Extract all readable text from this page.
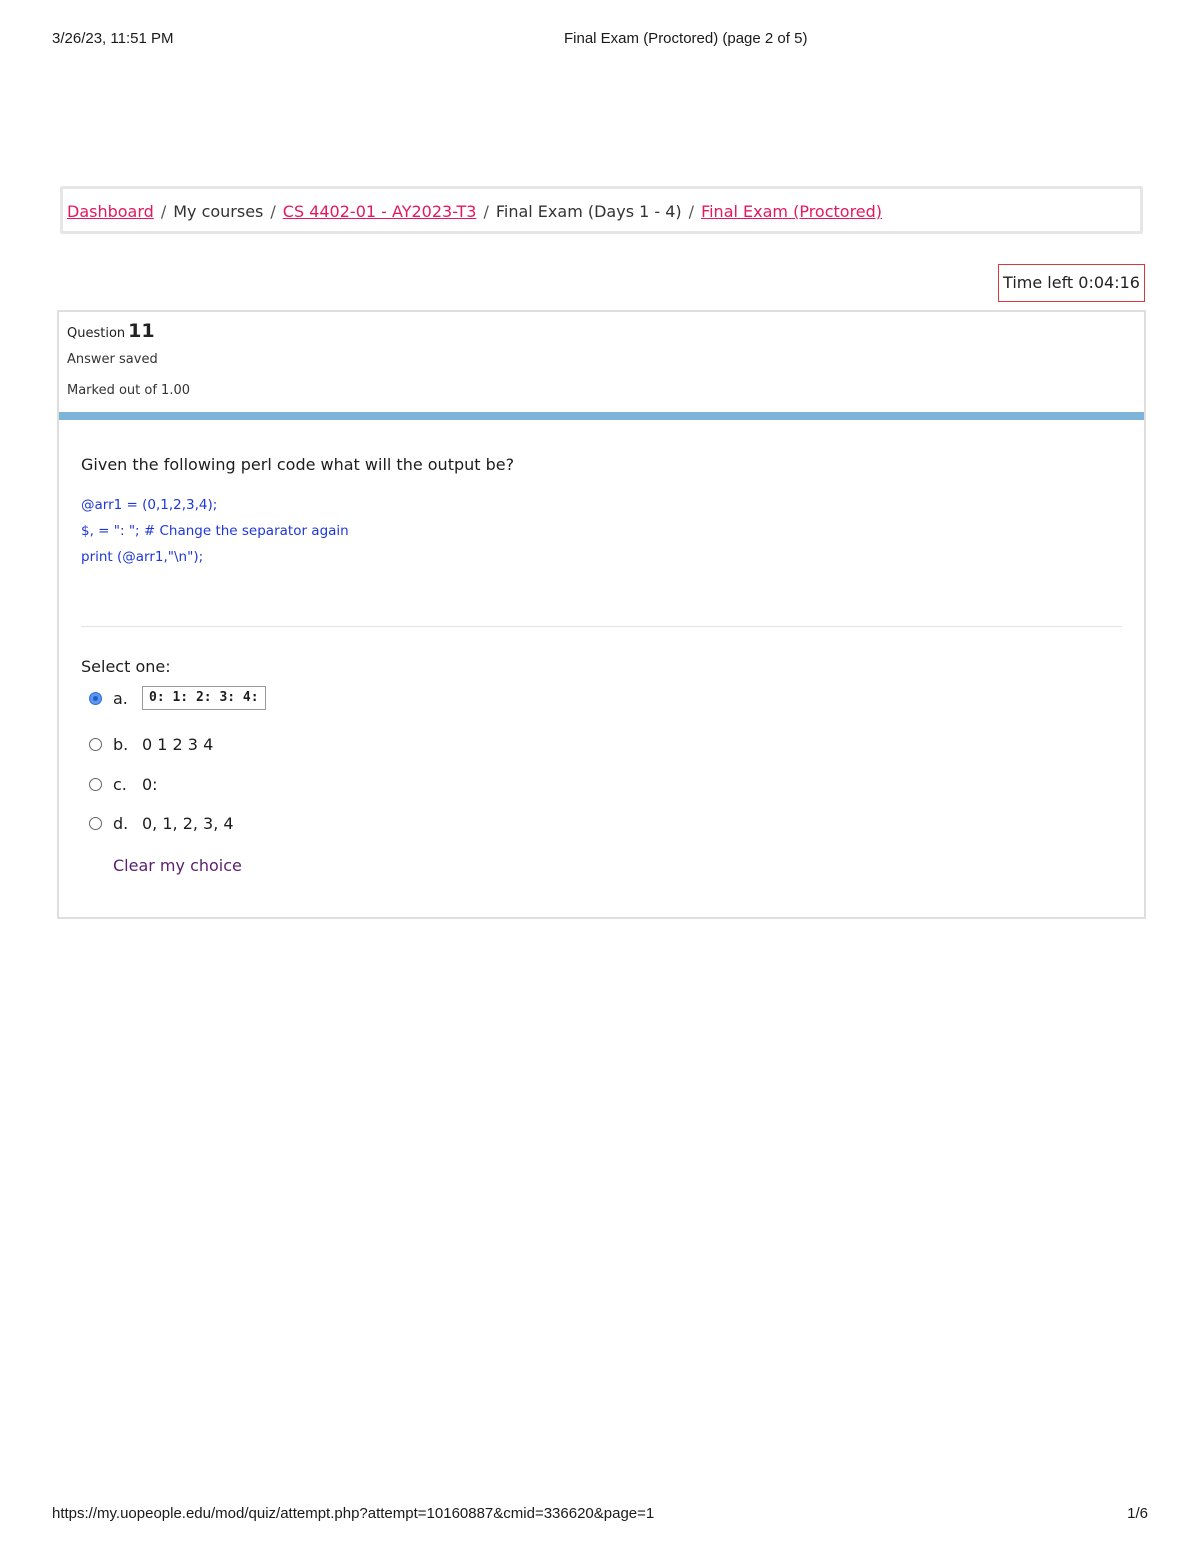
3/26/23, 11:51 PM	Final Exam (Proctored) (page 2 of 5)
Dashboard / My courses / CS 4402-01 - AY2023-T3 / Final Exam (Days 1 - 4) / Final Exam (Proctored)
Time left 0:04:16
Question 11
Answer saved
Marked out of 1.00
Given the following perl code what will the output be?
@arr1 = (0,1,2,3,4);
$, = ": "; # Change the separator again
print (@arr1,"\n");
Select one:
a.	0: 1: 2: 3: 4:
b. 0 1 2 3 4
c. 0:
d. 0, 1, 2, 3, 4
Clear my choice
https://my.uopeople.edu/mod/quiz/attempt.php?attempt=10160887&cmid=336620&page=1	1/6
